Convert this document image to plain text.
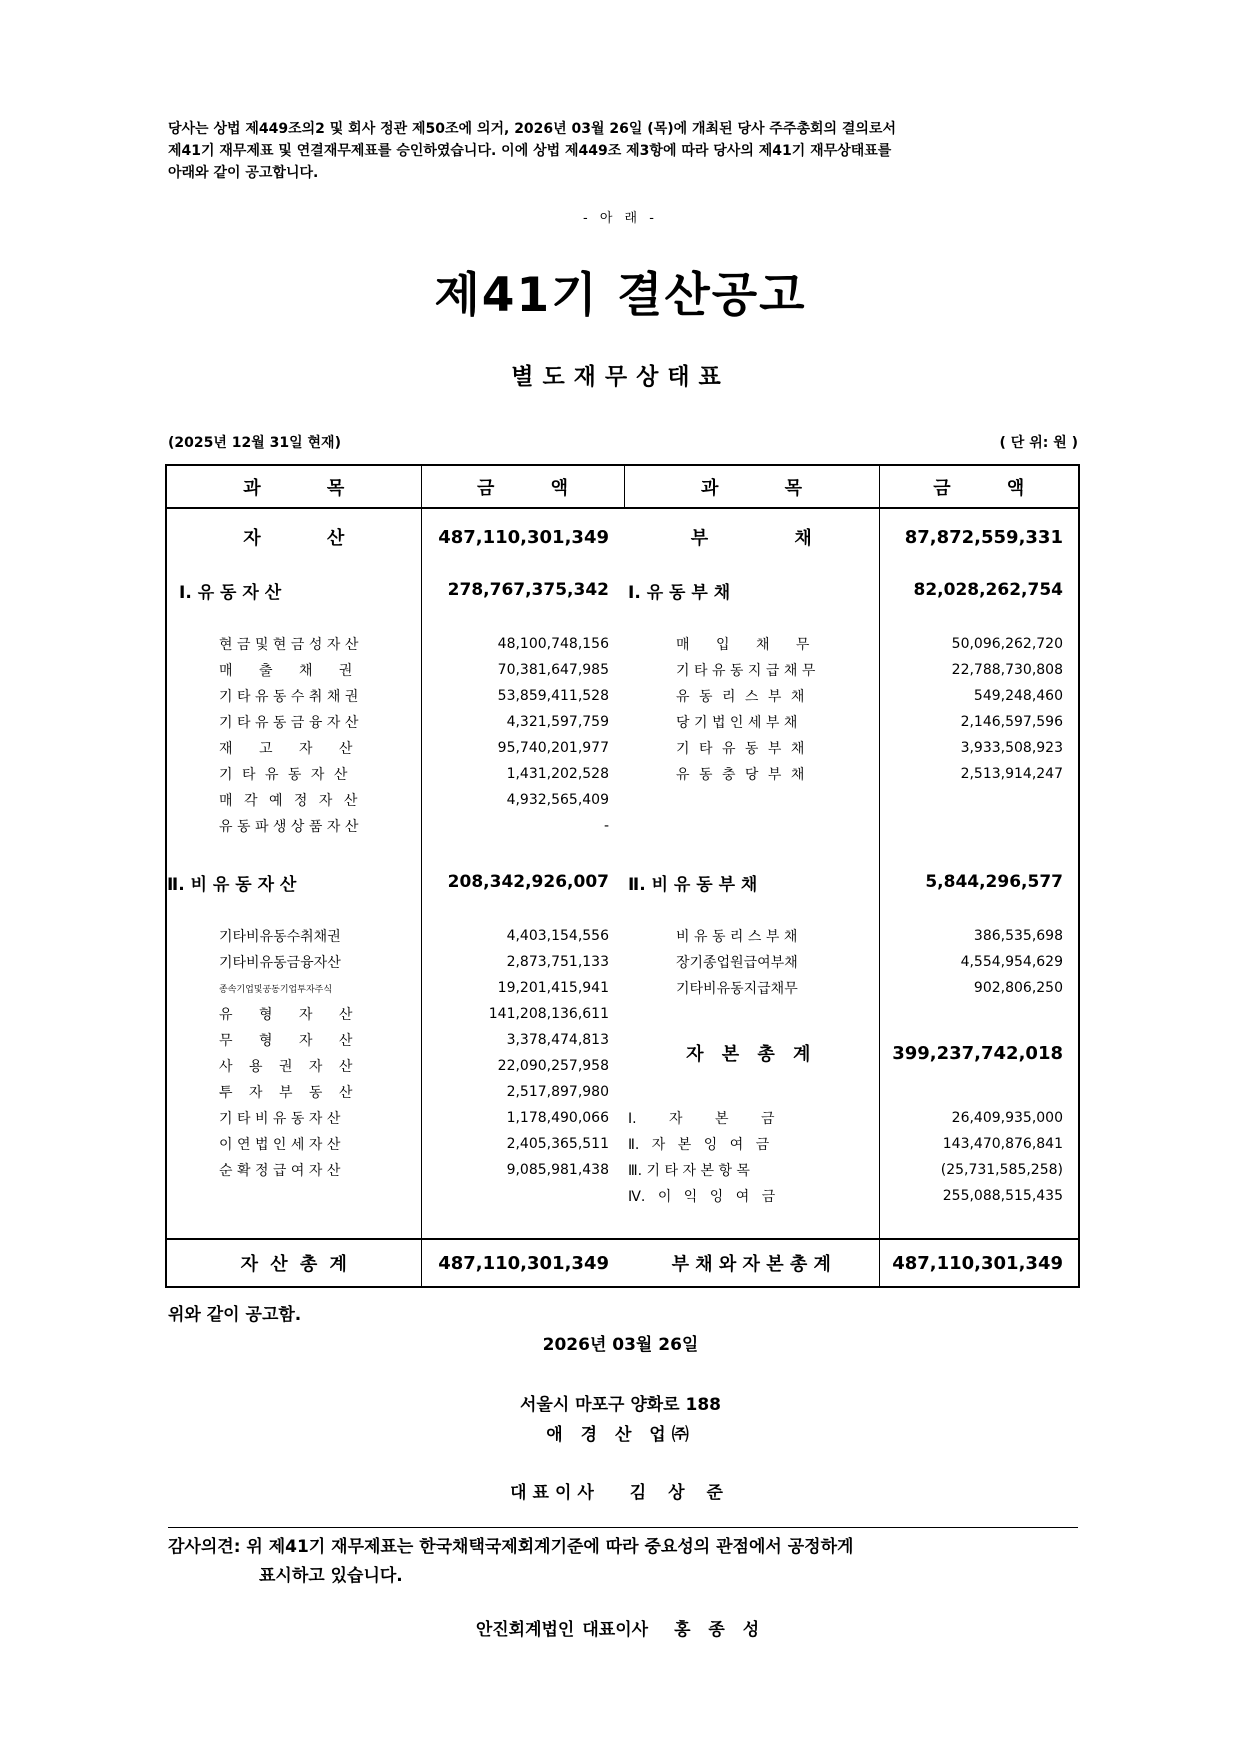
당사는 상법 제449조의2 및 회사 정관 제50조에 의거, 2026년 03월 26일 (목)에 개최된 당사 주주총회의 결의로서
제41기 재무제표 및 연결재무제표를 승인하였습니다. 이에 상법 제449조 제3항에 따라 당사의 제41기 재무상태표를
아래와 같이 공고합니다.
- 아 래 -
제41기 결산공고
별도재무상태표
(2025년 12월 31일 현재)	( 단 위: 원 )
과 목	금 액	과 목	금 액
자 산	487,110,301,349	부 채	87,872,559,331
Ⅰ. 유 동 자 산	278,767,375,342	Ⅰ. 유 동 부 채	82,028,262,754

현 금 및 현 금 성 자 산	48,100,748,156	매 입 채 무	50,096,262,720
매 출 채 권	70,381,647,985	기 타 유 동 지 급 채 무	22,788,730,808
기 타 유 동 수 취 채 권	53,859,411,528	유 동 리 스 부 채	549,248,460
기 타 유 동 금 융 자 산	4,321,597,759	당 기 법 인 세 부 채	2,146,597,596
재 고 자 산	95,740,201,977	기 타 유 동 부 채	3,933,508,923
기 타 유 동 자 산	1,431,202,528	유 동 충 당 부 채	2,513,914,247
매 각 예 정 자 산	4,932,565,409		
유 동 파 생 상 품 자 산	-		

Ⅱ. 비 유 동 자 산	208,342,926,007	Ⅱ. 비 유 동 부 채	5,844,296,577

기타비유동수취채권	4,403,154,556	비 유 동 리 스 부 채	386,535,698
기타비유동금융자산	2,873,751,133	장기종업원급여부채	4,554,954,629
종속기업및공동기업투자주식	19,201,415,941	기타비유동지급채무	902,806,250
유 형 자 산	141,208,136,611		
무 형 자 산	3,378,474,813	자 본 총 계	399,237,742,018
사 용 권 자 산	22,090,257,958		
투 자 부 동 산	2,517,897,980		
기 타 비 유 동 자 산	1,178,490,066	Ⅰ. 자 본 금	26,409,935,000
이 연 법 인 세 자 산	2,405,365,511	Ⅱ. 자 본 잉 여 금	143,470,876,841
순 확 정 급 여 자 산	9,085,981,438	Ⅲ. 기 타 자 본 항 목	(25,731,585,258)
		Ⅳ. 이 익 잉 여 금	255,088,515,435

자 산 총 계	487,110,301,349	부 채 와 자 본 총 계	487,110,301,349
위와 같이 공고함.
2026년 03월 26일
서울시 마포구 양화로 188
애 경 산 업㈜
대표이사 김 상 준
감사의견: 위 제41기 재무제표는 한국채택국제회계기준에 따라 중요성의 관점에서 공정하게
표시하고 있습니다.
안진회계법인 대표이사 홍 종 성
